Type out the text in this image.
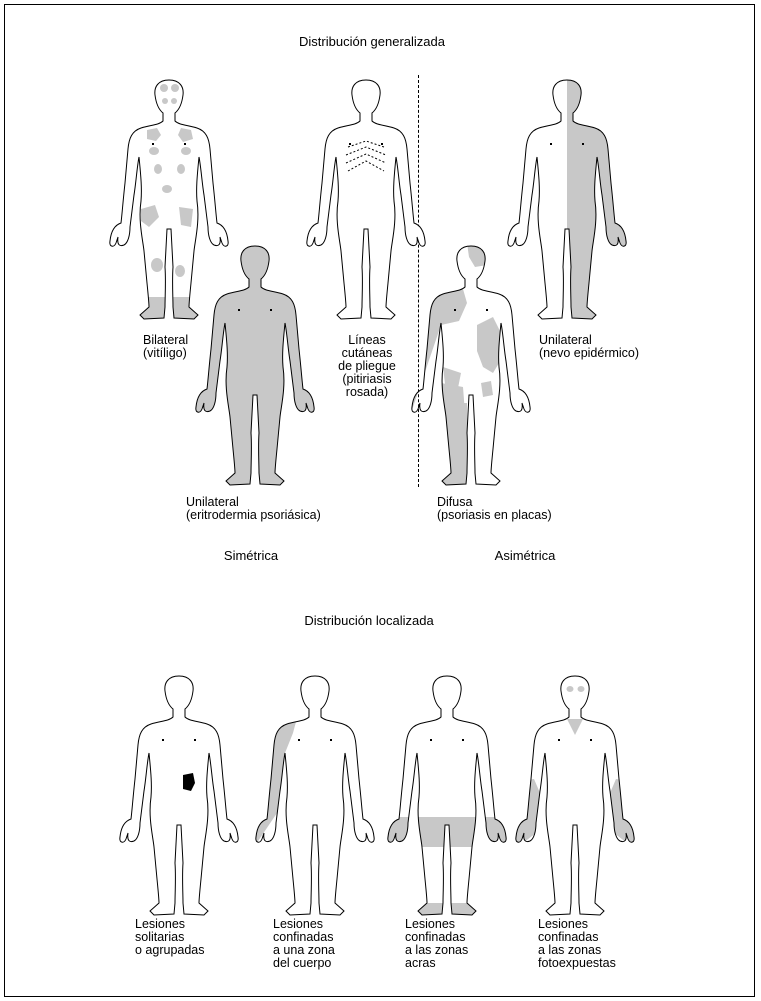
Distribución generalizada
Simétrica	Asimétrica
Distribución localizada
Bilateral
(vitíligo)
Líneas
cutáneas
de pliegue
(pitiriasis
rosada)
Unilateral
(nevo epidérmico)
Unilateral
(eritrodermia psoriásica)
Difusa
(psoriasis en placas)
Lesiones
solitarias
o agrupadas
Lesiones
confinadas
a una zona
del cuerpo
Lesiones
confinadas
a las zonas
acras
Lesiones
confinadas
a las zonas
fotoexpuestas
